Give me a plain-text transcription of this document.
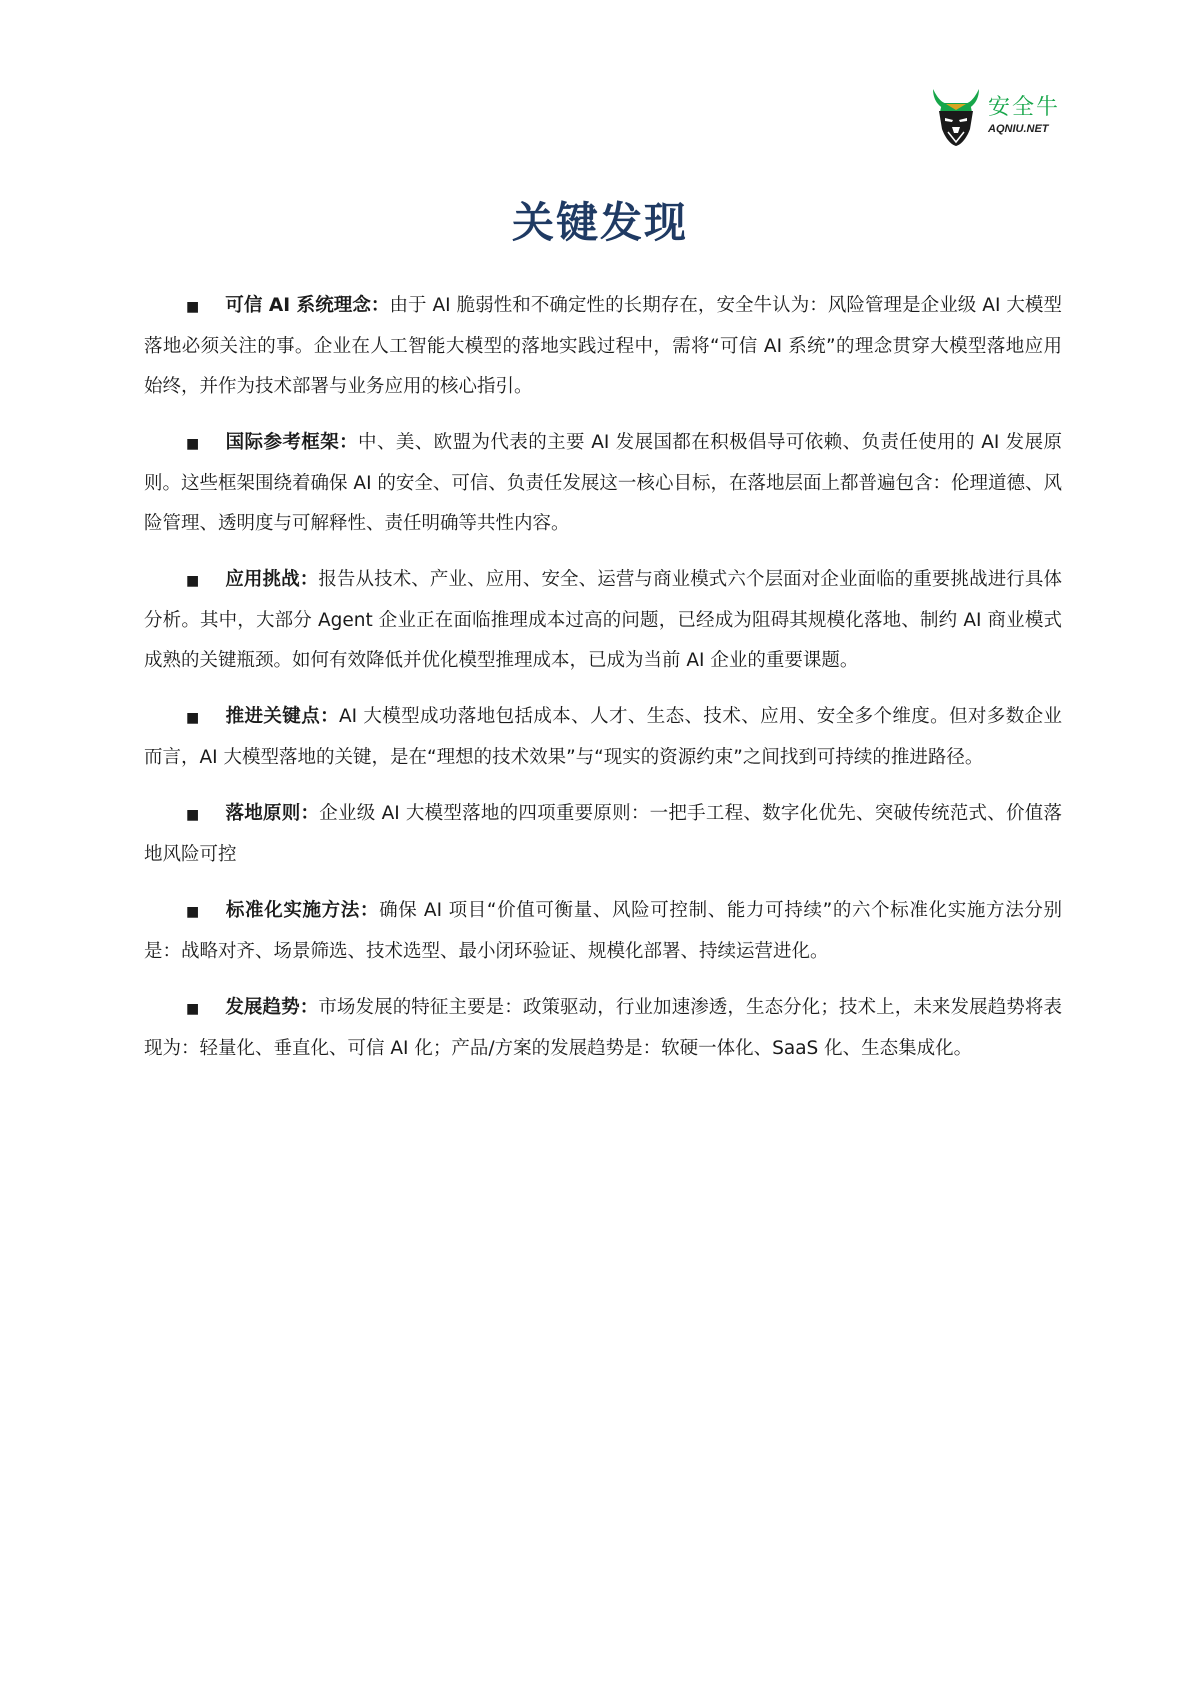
安全牛
AQNIU.NET
关键发现

■ 可信 AI 系统理念：由于 AI 脆弱性和不确定性的长期存在，安全牛认为：风险管理是企业级 AI 大模型落地必须关注的事。企业在人工智能大模型的落地实践过程中，需将“可信 AI 系统”的理念贯穿大模型落地应用始终，并作为技术部署与业务应用的核心指引。

■ 国际参考框架：中、美、欧盟为代表的主要 AI 发展国都在积极倡导可依赖、负责任使用的 AI 发展原则。这些框架围绕着确保 AI 的安全、可信、负责任发展这一核心目标，在落地层面上都普遍包含：伦理道德、风险管理、透明度与可解释性、责任明确等共性内容。

■ 应用挑战：报告从技术、产业、应用、安全、运营与商业模式六个层面对企业面临的重要挑战进行具体分析。其中，大部分 Agent 企业正在面临推理成本过高的问题，已经成为阻碍其规模化落地、制约 AI 商业模式成熟的关键瓶颈。如何有效降低并优化模型推理成本，已成为当前 AI 企业的重要课题。

■ 推进关键点：AI 大模型成功落地包括成本、人才、生态、技术、应用、安全多个维度。但对多数企业而言，AI 大模型落地的关键，是在“理想的技术效果”与“现实的资源约束”之间找到可持续的推进路径。

■ 落地原则：企业级 AI 大模型落地的四项重要原则：一把手工程、数字化优先、突破传统范式、价值落地风险可控

■ 标准化实施方法：确保 AI 项目“价值可衡量、风险可控制、能力可持续”的六个标准化实施方法分别是：战略对齐、场景筛选、技术选型、最小闭环验证、规模化部署、持续运营进化。

■ 发展趋势：市场发展的特征主要是：政策驱动，行业加速渗透，生态分化；技术上，未来发展趋势将表现为：轻量化、垂直化、可信 AI 化；产品/方案的发展趋势是：软硬一体化、SaaS 化、生态集成化。
